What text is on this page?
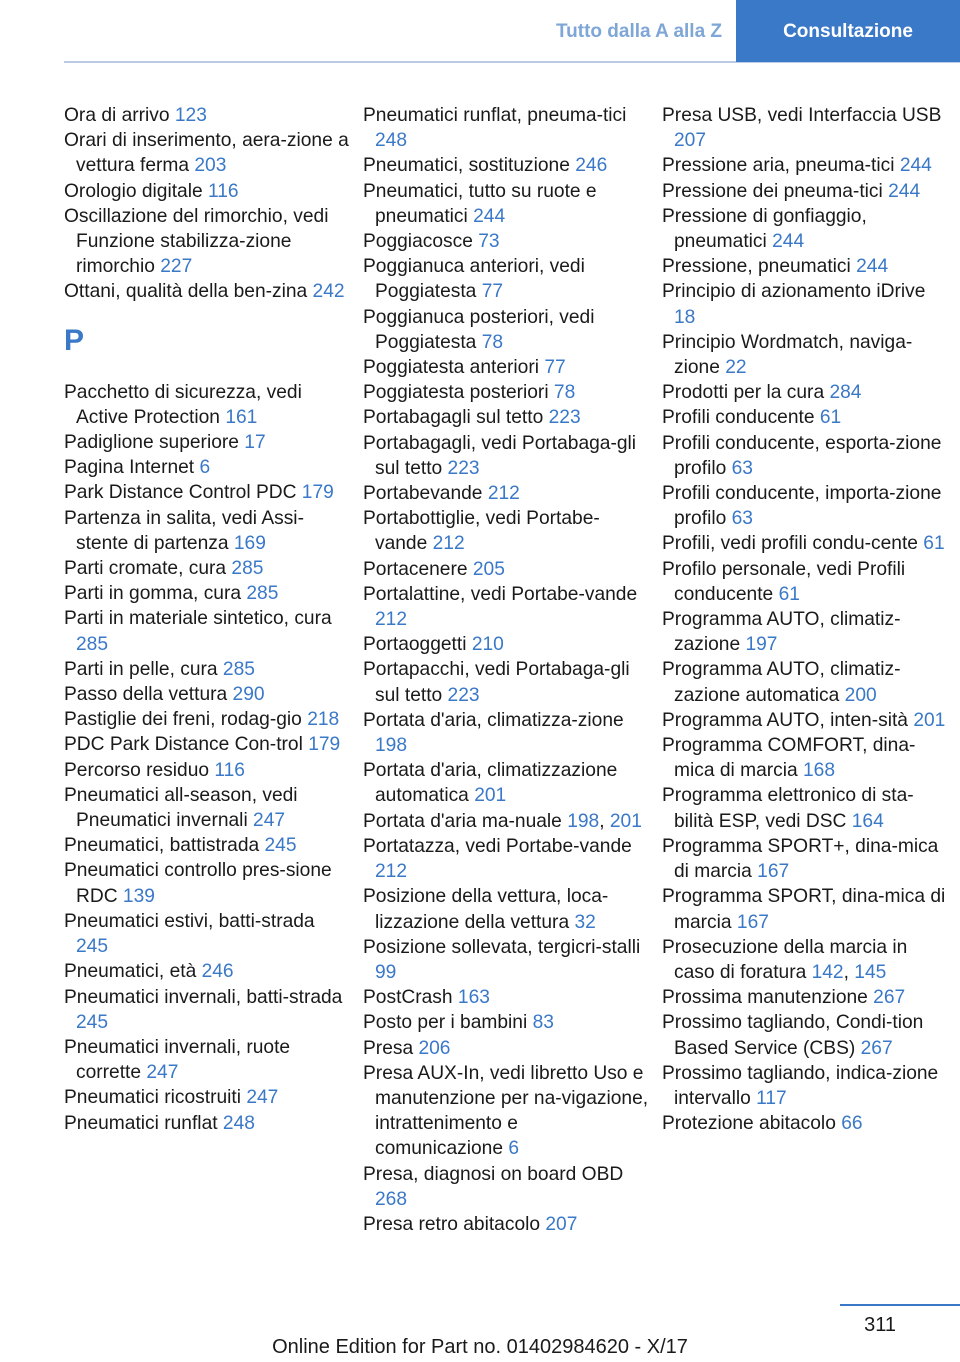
Tutto dalla A alla Z	Consultazione

Ora di arrivo 123

Orari di inserimento, aera-zione a vettura ferma 203

Orologio digitale 116

Oscillazione del rimorchio, vedi Funzione stabilizza-zione rimorchio 227

Ottani, qualità della ben-zina 242

P

Pacchetto di sicurezza, vedi Active Protection 161

Padiglione superiore 17

Pagina Internet 6

Park Distance Control PDC 179

Partenza in salita, vedi Assi-stente di partenza 169

Parti cromate, cura 285

Parti in gomma, cura 285

Parti in materiale sintetico, cura 285

Parti in pelle, cura 285

Passo della vettura 290

Pastiglie dei freni, rodag-gio 218

PDC Park Distance Con-trol 179

Percorso residuo 116

Pneumatici all-season, vedi Pneumatici invernali 247

Pneumatici, battistrada 245

Pneumatici controllo pres-sione RDC 139

Pneumatici estivi, batti-strada 245

Pneumatici, età 246

Pneumatici invernali, batti-strada 245

Pneumatici invernali, ruote corrette 247

Pneumatici ricostruiti 247

Pneumatici runflat 248

Pneumatici runflat, pneuma-tici 248

Pneumatici, sostituzione 246

Pneumatici, tutto su ruote e pneumatici 244

Poggiacosce 73

Poggianuca anteriori, vedi Poggiatesta 77

Poggianuca posteriori, vedi Poggiatesta 78

Poggiatesta anteriori 77

Poggiatesta posteriori 78

Portabagagli sul tetto 223

Portabagagli, vedi Portabaga-gli sul tetto 223

Portabevande 212

Portabottiglie, vedi Portabe-vande 212

Portacenere 205

Portalattine, vedi Portabe-vande 212

Portaoggetti 210

Portapacchi, vedi Portabaga-gli sul tetto 223

Portata d'aria, climatizza-zione 198

Portata d'aria, climatizzazione automatica 201

Portata d'aria ma-nuale 198, 201

Portatazza, vedi Portabe-vande 212

Posizione della vettura, loca-lizzazione della vettura 32

Posizione sollevata, tergicri-stalli 99

PostCrash 163

Posto per i bambini 83

Presa 206

Presa AUX-In, vedi libretto Uso e manutenzione per na-vigazione, intrattenimento e comunicazione 6

Presa, diagnosi on board OBD 268

Presa retro abitacolo 207

Presa USB, vedi Interfaccia USB 207

Pressione aria, pneuma-tici 244

Pressione dei pneuma-tici 244

Pressione di gonfiaggio, pneumatici 244

Pressione, pneumatici 244

Principio di azionamento iDrive 18

Principio Wordmatch, naviga-zione 22

Prodotti per la cura 284

Profili conducente 61

Profili conducente, esporta-zione profilo 63

Profili conducente, importa-zione profilo 63

Profili, vedi profili condu-cente 61

Profilo personale, vedi Profili conducente 61

Programma AUTO, climatiz-zazione 197

Programma AUTO, climatiz-zazione automatica 200

Programma AUTO, inten-sità 201

Programma COMFORT, dina-mica di marcia 168

Programma elettronico di sta-bilità ESP, vedi DSC 164

Programma SPORT+, dina-mica di marcia 167

Programma SPORT, dina-mica di marcia 167

Prosecuzione della marcia in caso di foratura 142, 145

Prossima manutenzione 267

Prossimo tagliando, Condi-tion Based Service (CBS) 267

Prossimo tagliando, indica-zione intervallo 117

Protezione abitacolo 66

311
Online Edition for Part no. 01402984620 - X/17
